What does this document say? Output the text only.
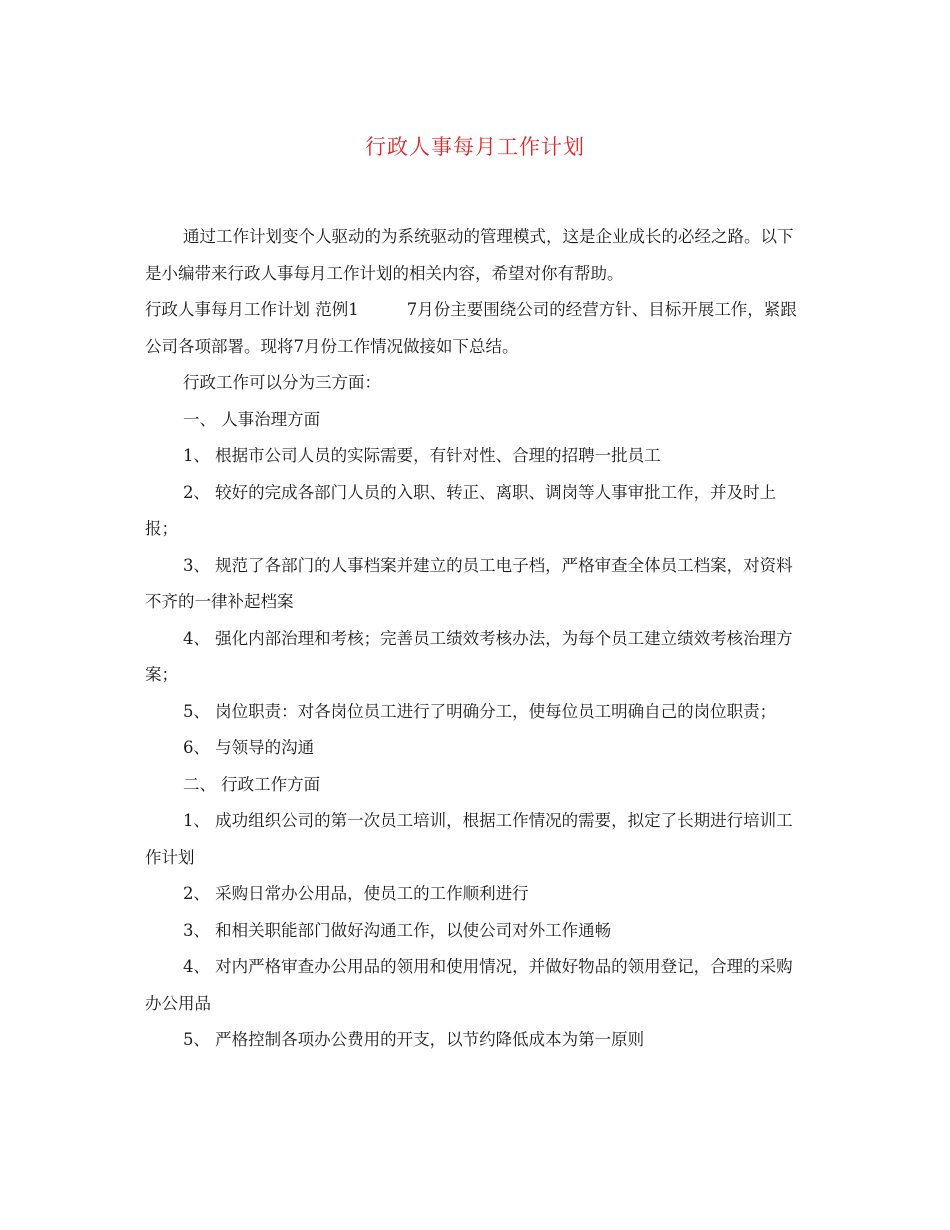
行政人事每月工作计划

通过工作计划变个人驱动的为系统驱动的管理模式，这是企业成长的必经之路。以下是小编带来行政人事每月工作计划的相关内容，希望对你有帮助。

行政人事每月工作计划 范例1	7月份主要围绕公司的经营方针、目标开展工作，紧跟公司各项部署。现将7月份工作情况做接如下总结。

行政工作可以分为三方面：

一、 人事治理方面

1、 根据市公司人员的实际需要，有针对性、合理的招聘一批员工

2、 较好的完成各部门人员的入职、转正、离职、调岗等人事审批工作，并及时上报；

3、 规范了各部门的人事档案并建立的员工电子档，严格审查全体员工档案，对资料不齐的一律补起档案

4、 强化内部治理和考核；完善员工绩效考核办法，为每个员工建立绩效考核治理方案；

5、 岗位职责：对各岗位员工进行了明确分工，使每位员工明确自己的岗位职责；

6、 与领导的沟通

二、 行政工作方面

1、 成功组织公司的第一次员工培训，根据工作情况的需要，拟定了长期进行培训工作计划

2、 采购日常办公用品，使员工的工作顺利进行

3、 和相关职能部门做好沟通工作，以使公司对外工作通畅

4、 对内严格审查办公用品的领用和使用情况，并做好物品的领用登记，合理的采购办公用品

5、 严格控制各项办公费用的开支，以节约降低成本为第一原则
